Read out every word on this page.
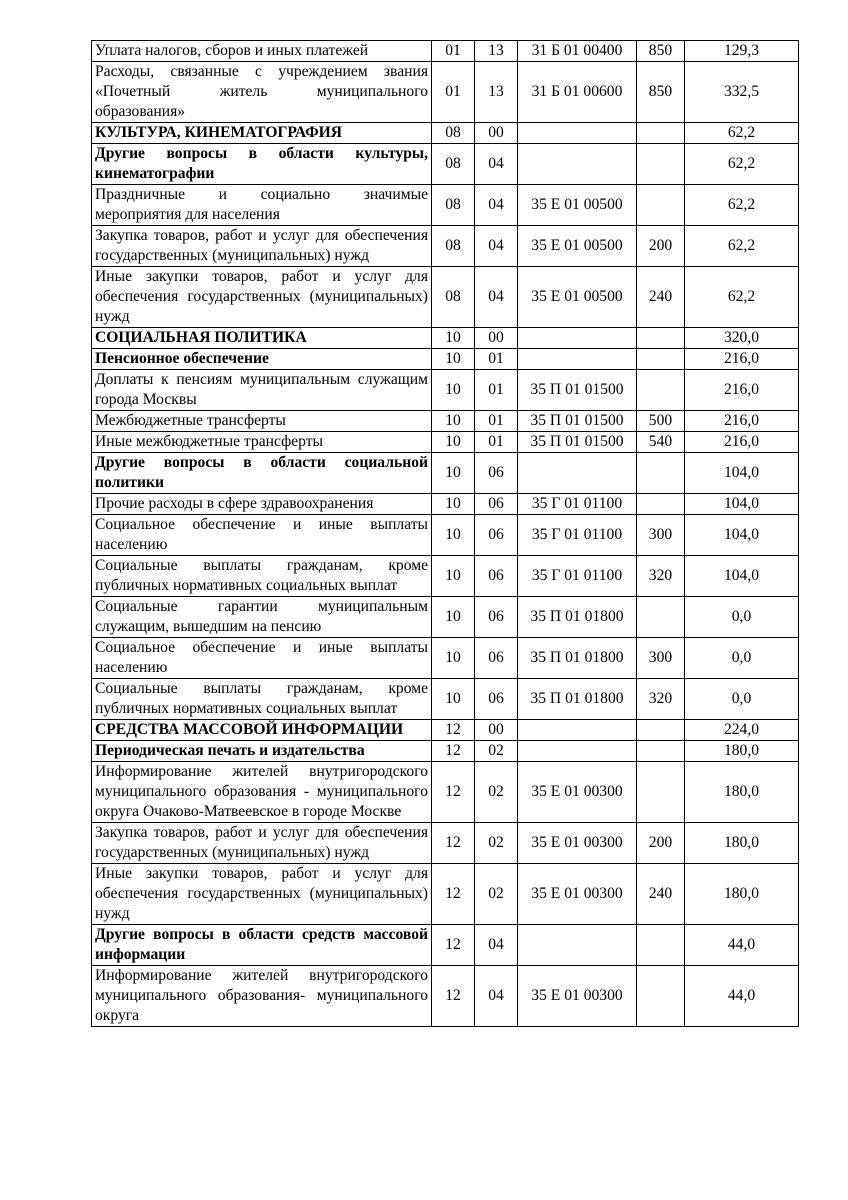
Уплата налогов, сборов и иных платежей	01	13	31 Б 01 00400	850	129,3
Расходы, связанные с учреждением звания «Почетный житель муниципального образования»	01	13	31 Б 01 00600	850	332,5
КУЛЬТУРА, КИНЕМАТОГРАФИЯ	08	00			62,2
Другие вопросы в области культуры, кинематографии	08	04			62,2
Праздничные и социально значимые мероприятия для населения	08	04	35 Е 01 00500		62,2
Закупка товаров, работ и услуг для обеспечения государственных (муниципальных) нужд	08	04	35 Е 01 00500	200	62,2
Иные закупки товаров, работ и услуг для обеспечения государственных (муниципальных) нужд	08	04	35 Е 01 00500	240	62,2
СОЦИАЛЬНАЯ ПОЛИТИКА	10	00			320,0
Пенсионное обеспечение	10	01			216,0
Доплаты к пенсиям муниципальным служащим города Москвы	10	01	35 П 01 01500		216,0
Межбюджетные трансферты	10	01	35 П 01 01500	500	216,0
Иные межбюджетные трансферты	10	01	35 П 01 01500	540	216,0
Другие вопросы в области социальной политики	10	06			104,0
Прочие расходы в сфере здравоохранения	10	06	35 Г 01 01100		104,0
Социальное обеспечение и иные выплаты населению	10	06	35 Г 01 01100	300	104,0
Социальные выплаты гражданам, кроме публичных нормативных социальных выплат	10	06	35 Г 01 01100	320	104,0
Социальные гарантии муниципальным служащим, вышедшим на пенсию	10	06	35 П 01 01800		0,0
Социальное обеспечение и иные выплаты населению	10	06	35 П 01 01800	300	0,0
Социальные выплаты гражданам, кроме публичных нормативных социальных выплат	10	06	35 П 01 01800	320	0,0
СРЕДСТВА МАССОВОЙ ИНФОРМАЦИИ	12	00			224,0
Периодическая печать и издательства	12	02			180,0
Информирование жителей внутригородского муниципального образования - муниципального округа Очаково-Матвеевское в городе Москве	12	02	35 Е 01 00300		180,0
Закупка товаров, работ и услуг для обеспечения государственных (муниципальных) нужд	12	02	35 Е 01 00300	200	180,0
Иные закупки товаров, работ и услуг для обеспечения государственных (муниципальных) нужд	12	02	35 Е 01 00300	240	180,0
Другие вопросы в области средств массовой информации	12	04			44,0
Информирование жителей внутригородского муниципального образования- муниципального округа	12	04	35 Е 01 00300		44,0
